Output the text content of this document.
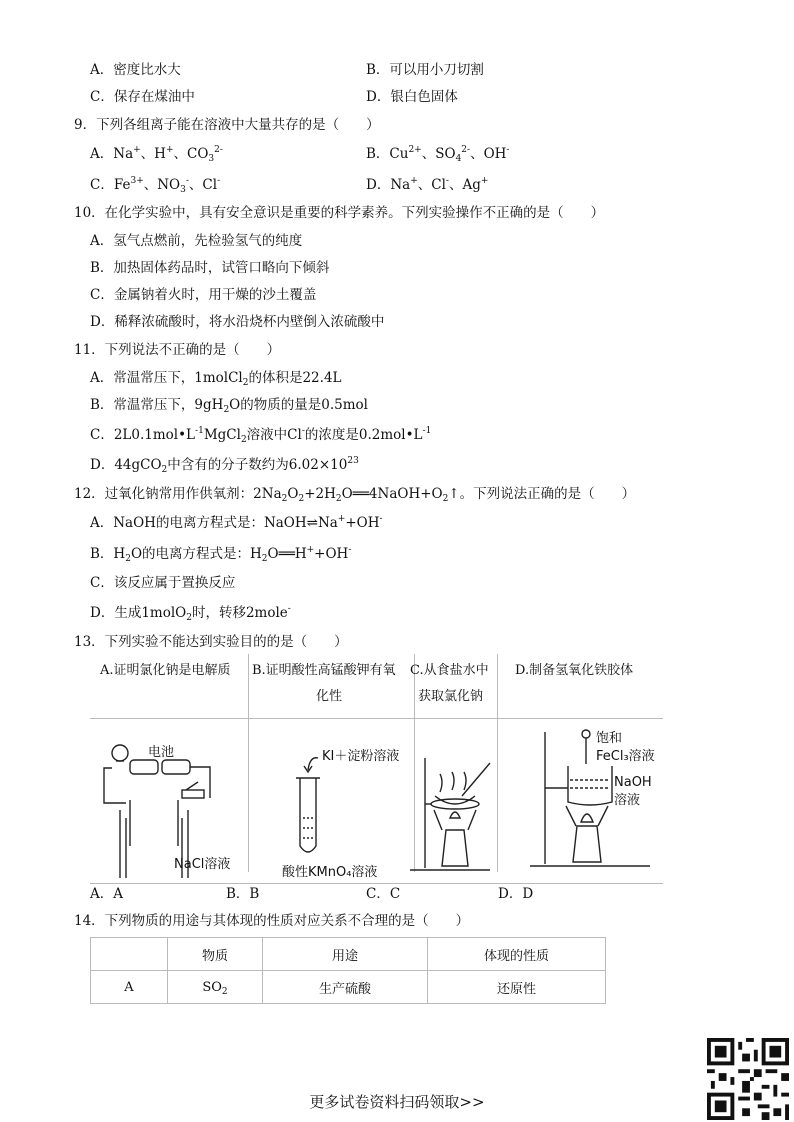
A．密度比水大	B．可以用小刀切割
C．保存在煤油中	D．银白色固体
9．下列各组离子能在溶液中大量共存的是（　　）
A．Na+、H+、$CO_3^{2-}$	B．$Cu^{2+}$、$SO_4^{2-}$、OH-
C．$Fe^{3+}$、$NO_3^-$、Cl-	D．Na+、Cl-、Ag+
10．在化学实验中，具有安全意识是重要的科学素养。下列实验操作不正确的是（　　）
A．氢气点燃前，先检验氢气的纯度
B．加热固体药品时，试管口略向下倾斜
C．金属钠着火时，用干燥的沙土覆盖
D．稀释浓硫酸时，将水沿烧杯内壁倒入浓硫酸中
11．下列说法不正确的是（　　）
A．常温常压下，1molCl$_2$的体积是22.4L
B．常温常压下，$9gH_2O$的物质的量是0.5mol
C．$2L0.1mol•L^{-1}MgCl_2$溶液中Cl-的浓度是$0.2mol•L^{-1}$
D．44gCO$_2$中含有的分子数约为$6.02\times 10^{23}$
12．过氧化钠常用作供氧剂：$2Na_2O_2+2H_2O══4NaOH+O_2↑$。下列说法正确的是（　　）
A．NaOH的电离方程式是：NaOH⇌Na++OH-
B．$H_2O$的电离方程式是：$H_2O══H^++OH^-$
C．该反应属于置换反应
D．生成1molO$_2$时，转移2mole-
13．下列实验不能达到实验目的的是（　　）
A.证明氯化钠是电解质 B.证明酸性高锰酸钾有氧
化性
C.从食盐水中
获取氯化钠
D.制备氢氧化铁胶体
电池
NaCl溶液
KI＋淀粉溶液
酸性KMnO₄溶液
饱和
FeCl₃溶液
NaOH
溶液
A．A	B．B	C．C	D．D
14．下列物质的用途与其体现的性质对应关系不合理的是（　　）
	物质	用途	体现的性质
A	$SO_2$	生产硫酸	还原性
更多试卷资料扫码领取>>
